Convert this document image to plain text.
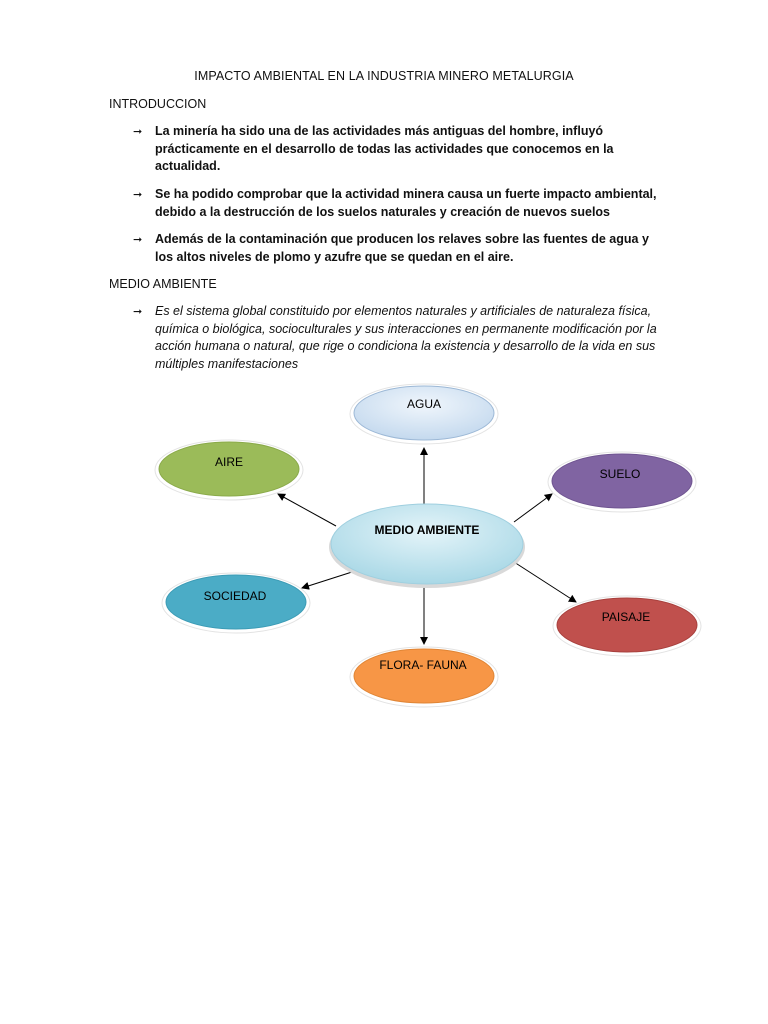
IMPACTO AMBIENTAL EN LA INDUSTRIA MINERO METALURGIA
INTRODUCCION
➞ La minería ha sido una de las actividades más antiguas del hombre, influyó prácticamente en el desarrollo de todas las actividades que conocemos en la actualidad.
➞ Se ha podido comprobar que la actividad minera causa un fuerte impacto ambiental, debido a la destrucción de los suelos naturales y creación de nuevos suelos
➞ Además de la contaminación que producen los relaves sobre las fuentes de agua y los altos niveles de plomo y azufre que se quedan en el aire.
MEDIO AMBIENTE
➞ Es el sistema global constituido por elementos naturales y artificiales de naturaleza física, química o biológica, socioculturales y sus interacciones en permanente modificación por la acción humana o natural, que rige o condiciona la existencia y desarrollo de la vida en sus múltiples manifestaciones
MEDIO AMBIENTE
AGUA
AIRE
SUELO
SOCIEDAD
PAISAJE
FLORA- FAUNA
